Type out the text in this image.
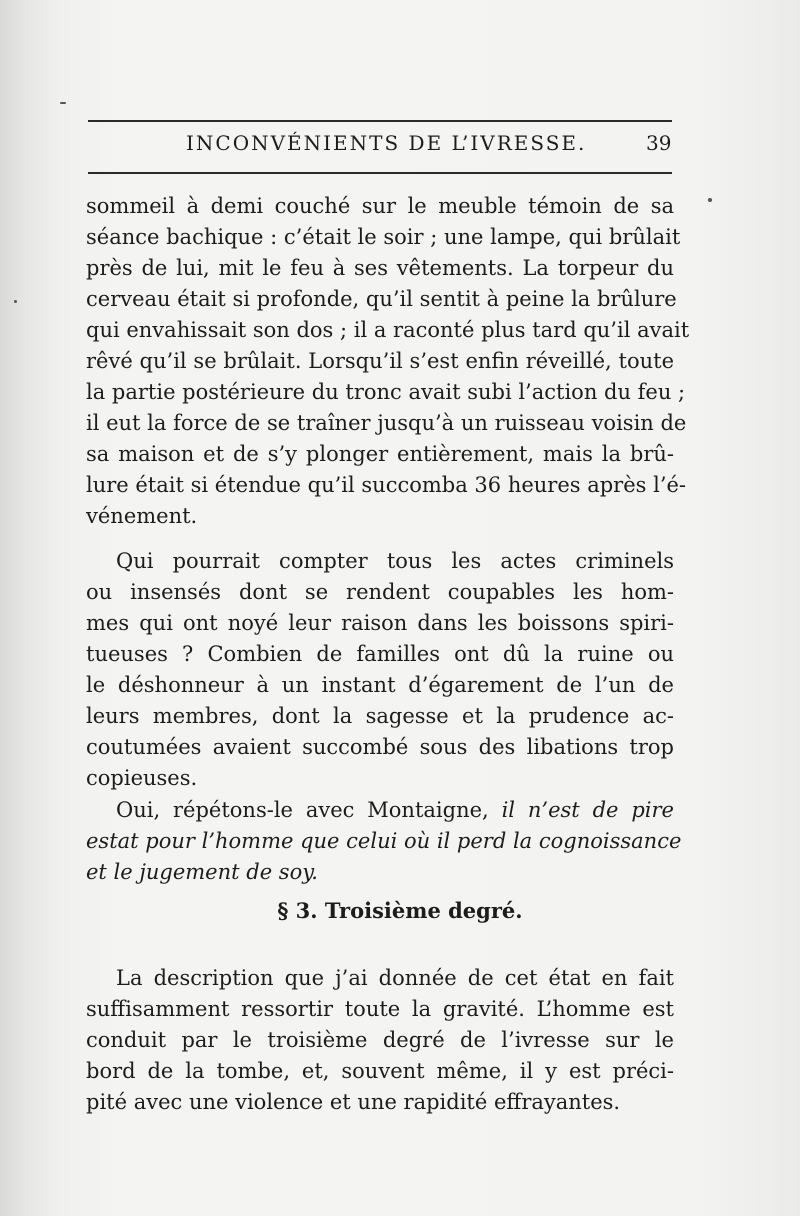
INCONVÉNIENTS DE L’IVRESSE.	39
sommeil à demi couché sur le meuble témoin de sa
séance bachique : c’était le soir ; une lampe, qui brûlait
près de lui, mit le feu à ses vêtements. La torpeur du
cerveau était si profonde, qu’il sentit à peine la brûlure
qui envahissait son dos ; il a raconté plus tard qu’il avait
rêvé qu’il se brûlait. Lorsqu’il s’est enfin réveillé, toute
la partie postérieure du tronc avait subi l’action du feu ;
il eut la force de se traîner jusqu’à un ruisseau voisin de
sa maison et de s’y plonger entièrement, mais la brû-
lure était si étendue qu’il succomba 36 heures après l’é-
vénement.
Qui pourrait compter tous les actes criminels
ou insensés dont se rendent coupables les hom-
mes qui ont noyé leur raison dans les boissons spiri-
tueuses ? Combien de familles ont dû la ruine ou
le déshonneur à un instant d’égarement de l’un de
leurs membres, dont la sagesse et la prudence ac-
coutumées avaient succombé sous des libations trop
copieuses.
Oui, répétons-le avec Montaigne, il n’est de pire
estat pour l’homme que celui où il perd la cognoissance
et le jugement de soy.
§ 3. Troisième degré.
La description que j’ai donnée de cet état en fait
suffisamment ressortir toute la gravité. L’homme est
conduit par le troisième degré de l’ivresse sur le
bord de la tombe, et, souvent même, il y est préci-
pité avec une violence et une rapidité effrayantes.
